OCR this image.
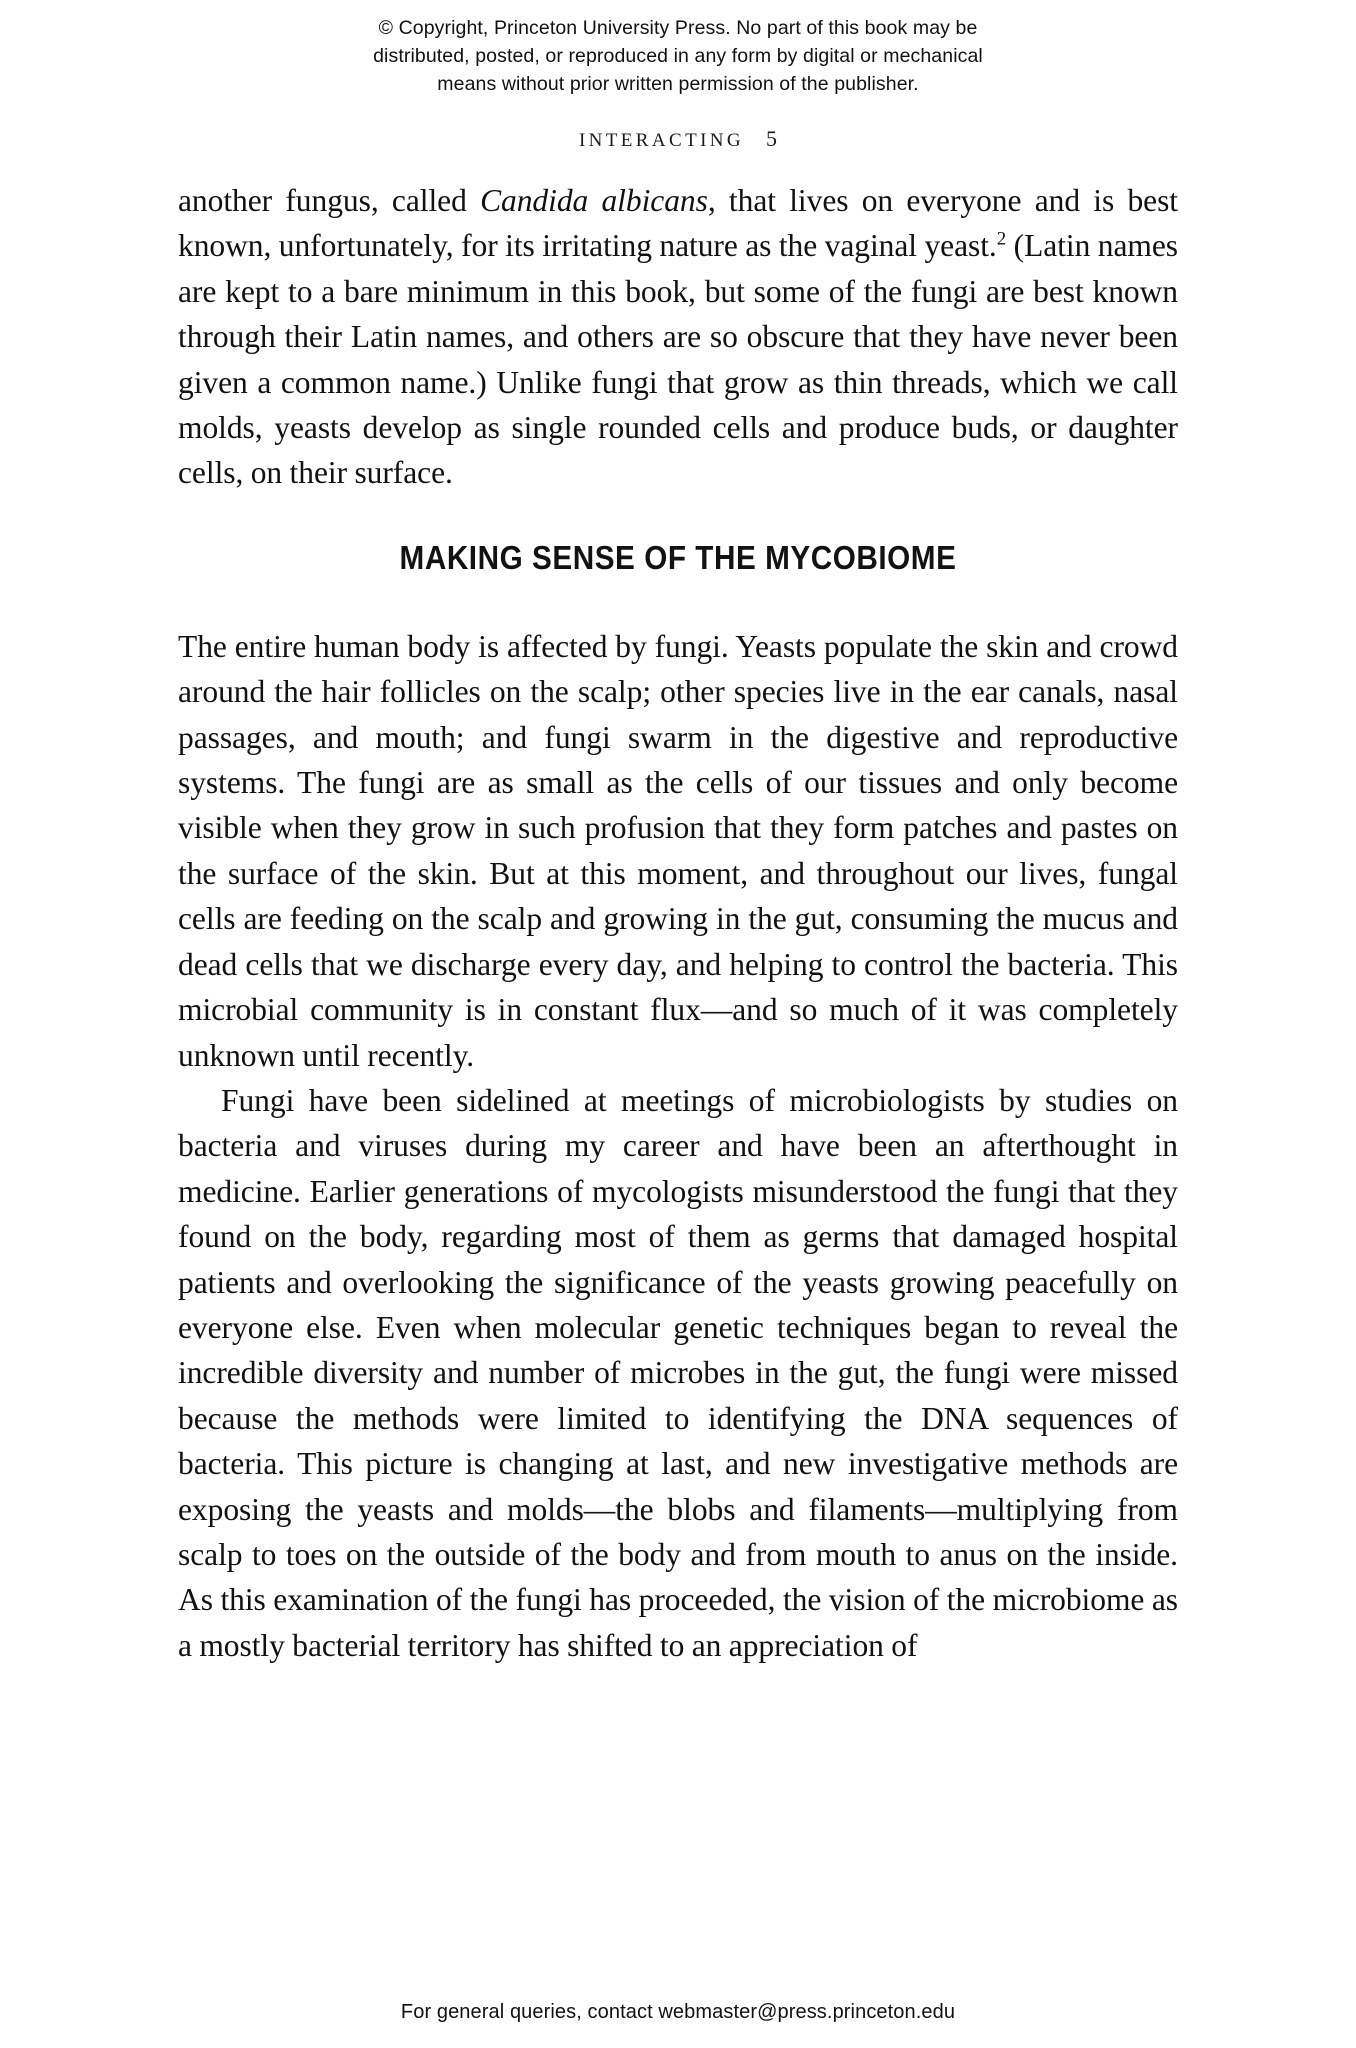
© Copyright, Princeton University Press. No part of this book may be
distributed, posted, or reproduced in any form by digital or mechanical
means without prior written permission of the publisher.
INTERACTING 5

another fungus, called Candida albicans, that lives on everyone and is best known, unfortunately, for its irritating nature as the vaginal yeast.$^2$ (Latin names are kept to a bare minimum in this book, but some of the fungi are best known through their Latin names, and others are so obscure that they have never been given a common name.) Unlike fungi that grow as thin threads, which we call molds, yeasts develop as single rounded cells and produce buds, or daughter cells, on their surface.

MAKING SENSE OF THE MYCOBIOME

The entire human body is affected by fungi. Yeasts populate the skin and crowd around the hair follicles on the scalp; other species live in the ear canals, nasal passages, and mouth; and fungi swarm in the digestive and reproductive systems. The fungi are as small as the cells of our tissues and only become visible when they grow in such profusion that they form patches and pastes on the surface of the skin. But at this moment, and throughout our lives, fungal cells are feeding on the scalp and growing in the gut, consuming the mucus and dead cells that we discharge every day, and helping to control the bacteria. This microbial community is in constant flux—and so much of it was completely unknown until recently.

Fungi have been sidelined at meetings of microbiologists by studies on bacteria and viruses during my career and have been an afterthought in medicine. Earlier generations of mycologists misunderstood the fungi that they found on the body, regarding most of them as germs that damaged hospital patients and overlooking the significance of the yeasts growing peacefully on everyone else. Even when molecular genetic techniques began to reveal the incredible diversity and number of microbes in the gut, the fungi were missed because the methods were limited to identifying the DNA sequences of bacteria. This picture is changing at last, and new investigative methods are exposing the yeasts and molds—the blobs and filaments—multiplying from scalp to toes on the outside of the body and from mouth to anus on the inside. As this examination of the fungi has proceeded, the vision of the microbiome as a mostly bacterial territory has shifted to an appreciation of

For general queries, contact webmaster@press.princeton.edu
